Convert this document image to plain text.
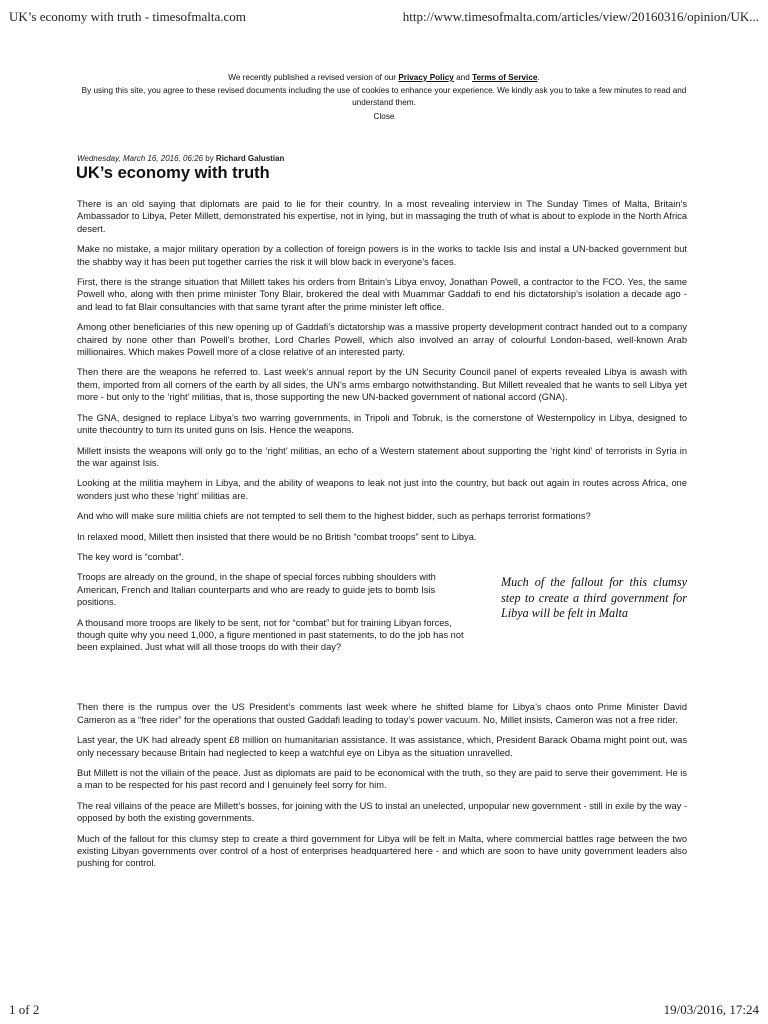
UK’s economy with truth - timesofmalta.com	http://www.timesofmalta.com/articles/view/20160316/opinion/UK...
We recently published a revised version of our Privacy Policy and Terms of Service.
By using this site, you agree to these revised documents including the use of cookies to enhance your experience. We kindly ask you to take a few minutes to read and understand them.
Close
Wednesday, March 16, 2016, 06:26 by Richard Galustian
UK’s economy with truth

There is an old saying that diplomats are paid to lie for their country. In a most revealing interview in The Sunday Times of Malta, Britain’s Ambassador to Libya, Peter Millett, demonstrated his expertise, not in lying, but in massaging the truth of what is about to explode in the North Africa desert.

Make no mistake, a major military operation by a collection of foreign powers is in the works to tackle Isis and instal a UN-backed government but the shabby way it has been put together carries the risk it will blow back in everyone’s faces.

First, there is the strange situation that Millett takes his orders from Britain’s Libya envoy, Jonathan Powell, a contractor to the FCO. Yes, the same Powell who, along with then prime minister Tony Blair, brokered the deal with Muammar Gaddafi to end his dictatorship’s isolation a decade ago - and lead to fat Blair consultancies with that same tyrant after the prime minister left office.

Among other beneficiaries of this new opening up of Gaddafi’s dictatorship was a massive property development contract handed out to a company chaired by none other than Powell’s brother, Lord Charles Powell, which also involved an array of colourful London-based, well-known Arab millionaires. Which makes Powell more of a close relative of an interested party.

Then there are the weapons he referred to. Last week’s annual report by the UN Security Council panel of experts revealed Libya is awash with them, imported from all corners of the earth by all sides, the UN’s arms embargo notwithstanding. But Millett revealed that he wants to sell Libya yet more - but only to the ‘right’ militias, that is, those supporting the new UN-backed government of national accord (GNA).

The GNA, designed to replace Libya’s two warring governments, in Tripoli and Tobruk, is the cornerstone of Westernpolicy in Libya, designed to unite thecountry to turn its united guns on Isis. Hence the weapons.

Millett insists the weapons will only go to the ‘right’ militias, an echo of a Western statement about supporting the ‘right kind’ of terrorists in Syria in the war against Isis.

Looking at the militia mayhem in Libya, and the ability of weapons to leak not just into the country, but back out again in routes across Africa, one wonders just who these ‘right’ militias are.

And who will make sure militia chiefs are not tempted to sell them to the highest bidder, such as perhaps terrorist formations?

In relaxed mood, Millett then insisted that there would be no British “combat troops” sent to Libya.

The key word is “combat”.

Troops are already on the ground, in the shape of special forces rubbing shoulders with American, French and Italian counterparts and who are ready to guide jets to bomb Isis positions.

A thousand more troops are likely to be sent, not for “combat” but for training Libyan forces, though quite why you need 1,000, a figure mentioned in past statements, to do the job has not been explained. Just what will all those troops do with their day?

Much of the fallout for this clumsy step to create a third government for Libya will be felt in Malta

Then there is the rumpus over the US President’s comments last week where he shifted blame for Libya’s chaos onto Prime Minister David Cameron as a “free rider” for the operations that ousted Gaddafi leading to today’s power vacuum. No, Millet insists, Cameron was not a free rider.

Last year, the UK had already spent £8 million on humanitarian assistance. It was assistance, which, President Barack Obama might point out, was only necessary because Britain had neglected to keep a watchful eye on Libya as the situation unravelled.

But Millett is not the villain of the peace. Just as diplomats are paid to be economical with the truth, so they are paid to serve their government. He is a man to be respected for his past record and I genuinely feel sorry for him.

The real villains of the peace are Millett’s bosses, for joining with the US to instal an unelected, unpopular new government - still in exile by the way - opposed by both the existing governments.

Much of the fallout for this clumsy step to create a third government for Libya will be felt in Malta, where commercial battles rage between the two existing Libyan governments over control of a host of enterprises headquartered here - and which are soon to have unity government leaders also pushing for control.

1 of 2	19/03/2016, 17:24
